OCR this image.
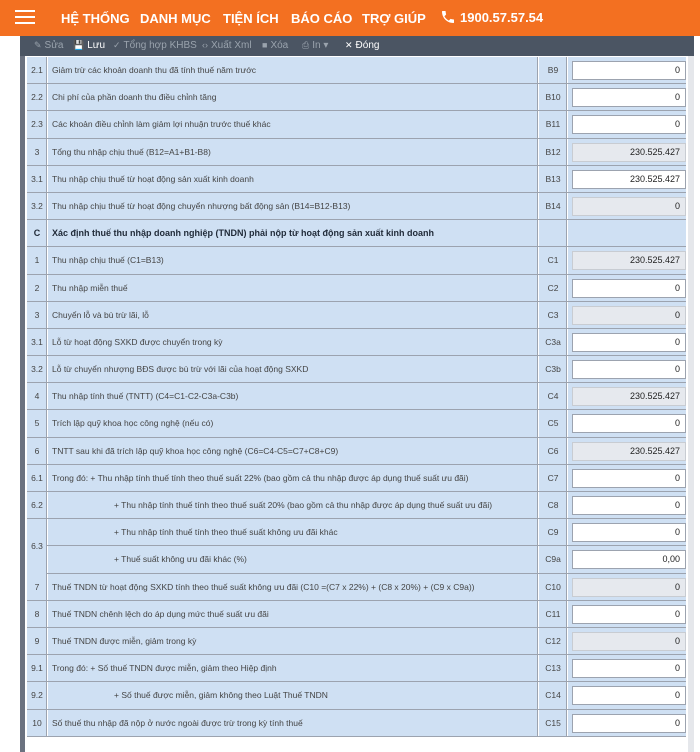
HỆ THỐNG DANH MỤC TIỆN ÍCH BÁO CÁO TRỢ GIÚP	1900.57.57.54
✎ Sửa 💾 Lưu ✓ Tổng hợp KHBS ‹› Xuất Xml ■ Xóa ⎙ In ▾ ✕ Đóng
2.1	Giảm trừ các khoản doanh thu đã tính thuế năm trước	B9	0
2.2	Chi phí của phần doanh thu điều chỉnh tăng	B10	0
2.3	Các khoản điều chỉnh làm giảm lợi nhuận trước thuế khác	B11	0
3	Tổng thu nhập chịu thuế (B12=A1+B1-B8)	B12	230.525.427
3.1	Thu nhập chịu thuế từ hoạt động sản xuất kinh doanh	B13	230.525.427
3.2	Thu nhập chịu thuế từ hoạt động chuyển nhượng bất động sản (B14=B12-B13)	B14	0
C	Xác định thuế thu nhập doanh nghiệp (TNDN) phải nộp từ hoạt động sản xuất kinh doanh
1	Thu nhập chịu thuế (C1=B13)	C1	230.525.427
2	Thu nhập miễn thuế	C2	0
3	Chuyển lỗ và bù trừ lãi, lỗ	C3	0
3.1	Lỗ từ hoạt động SXKD được chuyển trong kỳ	C3a	0
3.2	Lỗ từ chuyển nhượng BĐS được bù trừ với lãi của hoạt động SXKD	C3b	0
4	Thu nhập tính thuế (TNTT) (C4=C1-C2-C3a-C3b)	C4	230.525.427
5	Trích lập quỹ khoa học công nghệ (nếu có)	C5	0
6	TNTT sau khi đã trích lập quỹ khoa học công nghệ (C6=C4-C5=C7+C8+C9)	C6	230.525.427
6.1	Trong đó: + Thu nhập tính thuế tính theo thuế suất 22% (bao gồm cả thu nhập được áp dụng thuế suất ưu đãi)	C7	0
6.2	+ Thu nhập tính thuế tính theo thuế suất 20% (bao gồm cả thu nhập được áp dụng thuế suất ưu đãi)	C8	0
6.3
+ Thu nhập tính thuế tính theo thuế suất không ưu đãi khác	C9	0
+ Thuế suất không ưu đãi khác (%)	C9a	0,00
7	Thuế TNDN từ hoạt động SXKD tính theo thuế suất không ưu đãi (C10 =(C7 x 22%) + (C8 x 20%) + (C9 x C9a))	C10	0
8	Thuế TNDN chênh lệch do áp dụng mức thuế suất ưu đãi	C11	0
9	Thuế TNDN được miễn, giảm trong kỳ	C12	0
9.1	Trong đó: + Số thuế TNDN được miễn, giảm theo Hiệp định	C13	0
9.2	+ Số thuế được miễn, giảm không theo Luật Thuế TNDN	C14	0
10	Số thuế thu nhập đã nộp ở nước ngoài được trừ trong kỳ tính thuế	C15	0
